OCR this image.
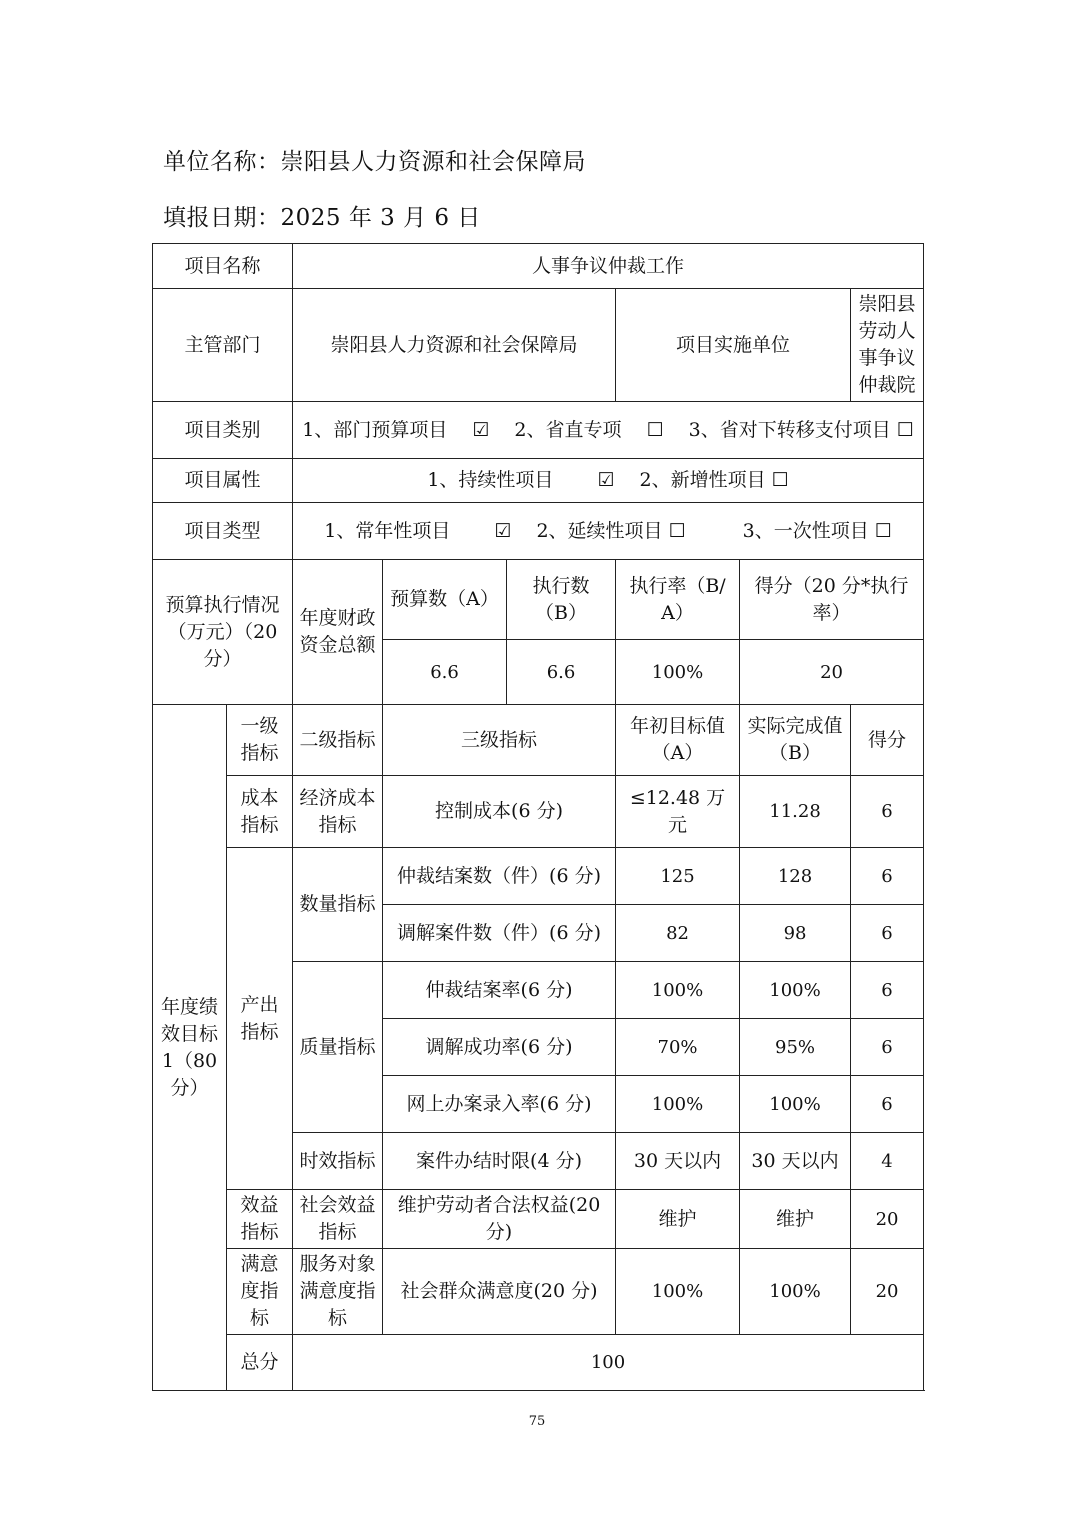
单位名称：崇阳县人力资源和社会保障局
填报日期：2025 年 3 月 6 日
项目名称		人事争议仲裁工作					
主管部门		崇阳县人力资源和社会保障局			项目实施单位		崇阳县劳动人事争议仲裁院
项目类别		1、部门预算项目　 ☑　 2、省直专项　 ☐　 3、省对下转移支付项目 ☐					
项目属性		1、持续性项目　　 ☑　 2、新增性项目 ☐					
项目类型		1、常年性项目　　 ☑　 2、延续性项目 ☐　　　3、一次性项目 ☐					
预算执行情况（万元）（20 分）		年度财政资金总额	预算数（A）	执行数（B）	执行率（B/A）	得分（20 分*执行率）	
			6.6	6.6	100%	20	
年度绩效目标 1（80 分）	一级指标	二级指标	三级指标		年初目标值（A）	实际完成值（B）	得分
	成本指标	经济成本指标	控制成本(6 分)		≤12.48 万元	11.28	6
	产出指标	数量指标	仲裁结案数（件）(6 分)		125	128	6
			调解案件数（件）(6 分)		82	98	6
		质量指标	仲裁结案率(6 分)		100%	100%	6
			调解成功率(6 分)		70%	95%	6
			网上办案录入率(6 分)		100%	100%	6
		时效指标	案件办结时限(4 分)		30 天以内	30 天以内	4
	效益指标	社会效益指标	维护劳动者合法权益(20 分)		维护	维护	20
	满意度指标	服务对象满意度指标	社会群众满意度(20 分)		100%	100%	20
	总分	100					
75
